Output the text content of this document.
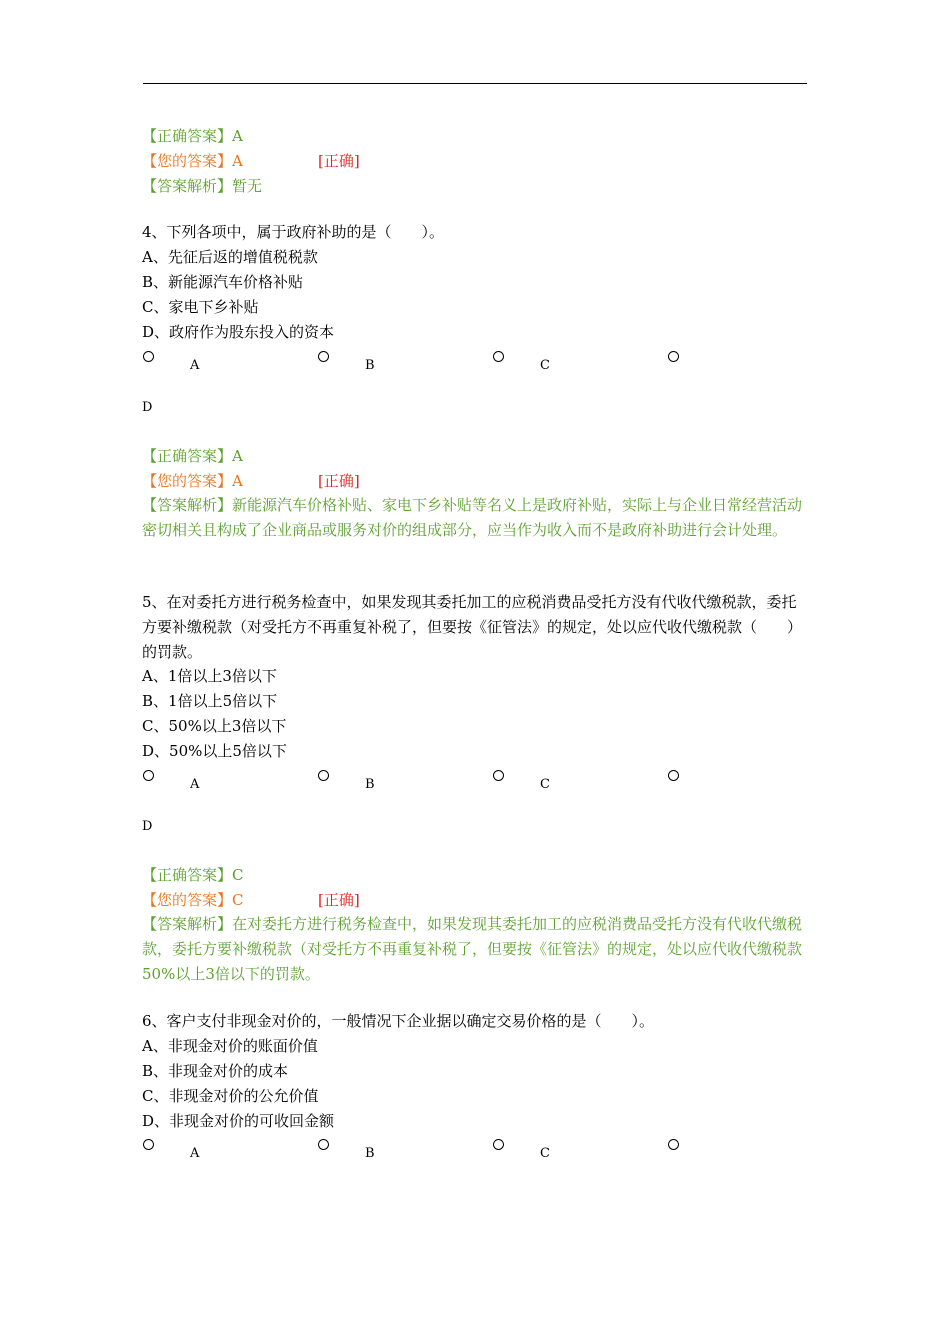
【正确答案】A
【您的答案】A	[正确]
【答案解析】暂无
4、下列各项中，属于政府补助的是（　　）。
A、先征后返的增值税税款
B、新能源汽车价格补贴
C、家电下乡补贴
D、政府作为股东投入的资本
A	B	C
D
【正确答案】A
【您的答案】A	[正确]
【答案解析】新能源汽车价格补贴、家电下乡补贴等名义上是政府补贴，实际上与企业日常经营活动密切相关且构成了企业商品或服务对价的组成部分，应当作为收入而不是政府补助进行会计处理。
5、在对委托方进行税务检查中，如果发现其委托加工的应税消费品受托方没有代收代缴税款，委托方要补缴税款（对受托方不再重复补税了，但要按《征管法》的规定，处以应代收代缴税款（　　）的罚款。
A、1倍以上3倍以下
B、1倍以上5倍以下
C、50%以上3倍以下
D、50%以上5倍以下
A	B	C
D
【正确答案】C
【您的答案】C	[正确]
【答案解析】在对委托方进行税务检查中，如果发现其委托加工的应税消费品受托方没有代收代缴税款，委托方要补缴税款（对受托方不再重复补税了，但要按《征管法》的规定，处以应代收代缴税款50%以上3倍以下的罚款。
6、客户支付非现金对价的，一般情况下企业据以确定交易价格的是（　　）。
A、非现金对价的账面价值
B、非现金对价的成本
C、非现金对价的公允价值
D、非现金对价的可收回金额
A	B	C
